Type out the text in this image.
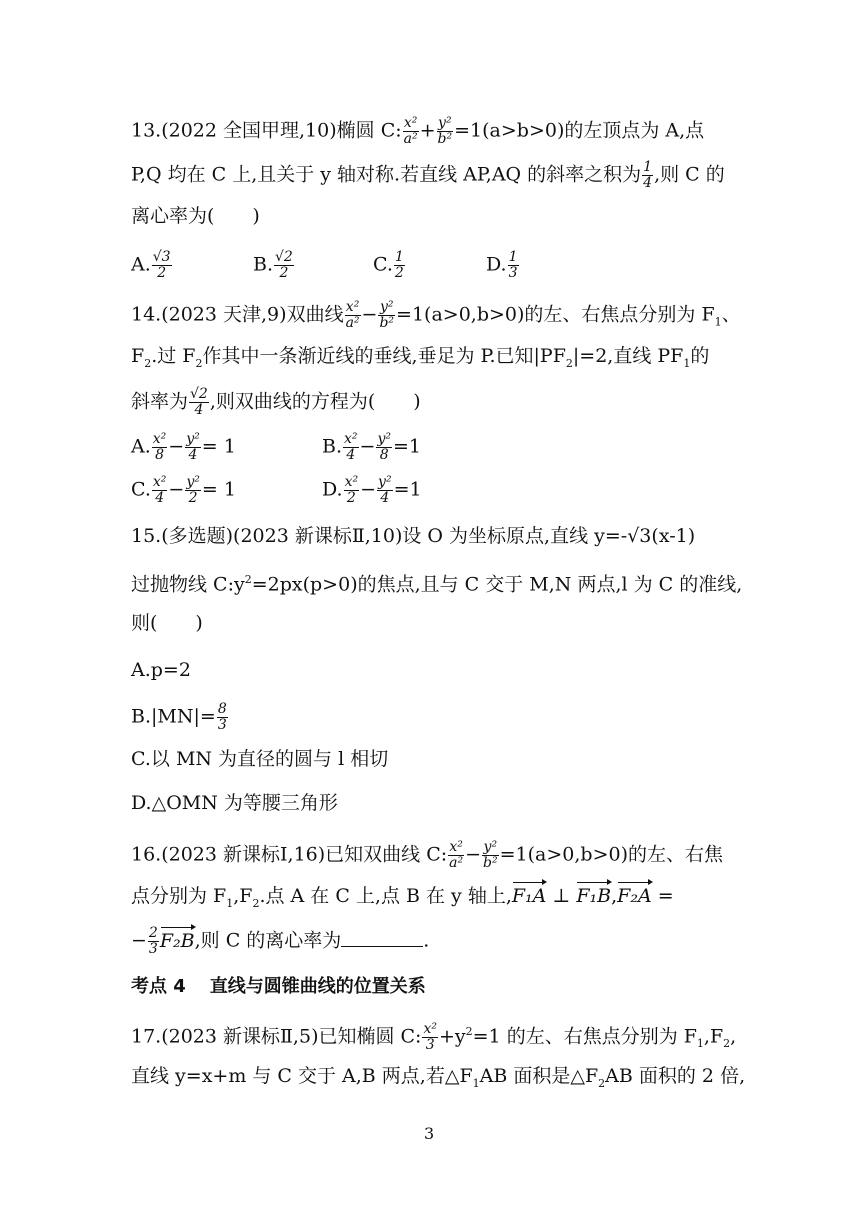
13.(2022 全国甲理,10)椭圆 C: $\frac{\text{x²}}{\text{a²}} + \frac{\text{y²}}{\text{b²}} =1(a>b>0)$的左顶点为 A,点
P,Q 均在 C 上,且关于 y 轴对称.若直线 AP,AQ 的斜率之积为 $\frac{1}{4}$ ,则 C 的
离心率为(　　)
A. $\frac{√3}{2}$	B. $\frac{√2}{2}$	C. $\frac{1}{2}$	D. $\frac{1}{3}$
14.(2023 天津,9)双曲线 $\frac{\text{x²}}{\text{a²}} - \frac{\text{y²}}{\text{b²}} =1(a>0,b>0)$的左、右焦点分别为 $F_1$、
$F_2$.过 $F_2$作其中一条渐近线的垂线,垂足为 P.已知$|PF_2|=2$,直线 $PF_1$的
斜率为 $\frac{√2}{4}$ ,则双曲线的方程为(　　)
A. $\frac{\text{x²}}{8} - \frac{\text{y²}}{4} = 1$	B. $\frac{\text{x²}}{4} - \frac{\text{y²}}{8} =1$
C. $\frac{\text{x²}}{4} - \frac{\text{y²}}{2} = 1$	D. $\frac{\text{x²}}{2} - \frac{\text{y²}}{4} =1$
15.(多选题)(2023 新课标Ⅱ,10)设 O 为坐标原点,直线 y=-√3(x-1)
过抛物线 $C:y^2=2px(p>0)$的焦点,且与 C 交于 M,N 两点,l 为 C 的准线,
则(　　)
A.p=2
$B.|MN|= \frac{8}{3}$
C.以 MN 为直径的圆与 l 相切
D.△OMN 为等腰三角形
16.(2023 新课标Ⅰ,16)已知双曲线 C: $\frac{\text{x²}}{\text{a²}} - \frac{\text{y²}}{\text{b²}} =1(a>0,b>0)$的左、右焦
点分别为 $F_1,F_2$.点 A 在 C 上,点 B 在 y 轴上,F₁A ⊥ F₁B,F₂A =
− $\frac{2}{3} F_2B$,则 C 的离心率为	.
考点 4 直线与圆锥曲线的位置关系
17.(2023 新课标Ⅱ,5)已知椭圆 C: $\frac{\text{x²}}{3} +y^2=1$ 的左、右焦点分别为 $F_1,F_2$,
直线 y=x+m 与 C 交于 A,B 两点,若$\triangle F_1AB$ 面积是$\triangle F_2AB$ 面积的 2 倍,
3
